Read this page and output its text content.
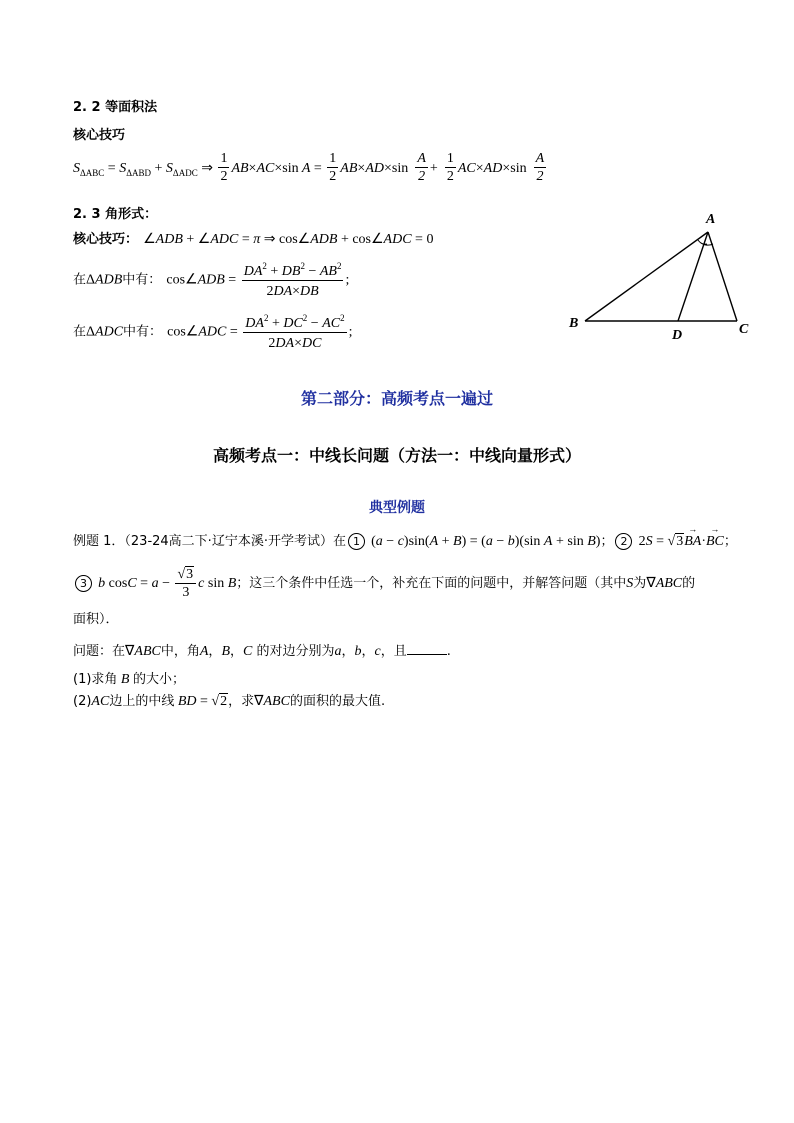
2. 2 等面积法
核心技巧
$S_{\Delta ABC} = S_{\Delta ABD} + S_{\Delta ADC}$ ⇒ $\frac{1}{2} AB\times AC\times\sin$ $A = \frac{1}{2} AB\times AD\times\sin \frac{A}{2} + \frac{1}{2} AC\times AD\times\sin \frac{A}{2}$
2. 3 角形式：
核心技巧： ∠ADB + ∠ADC = π ⇒ cos∠ADB + cos∠ADC = 0
在ΔADB中有： cos∠ADB = $\frac{DA^2 + DB^2 - AB^2}{2DA\times DB}$ ;
在ΔADC中有： cos∠ADC = $\frac{DA^2 + DC^2 - AC^2}{2DA\times DC}$ ;
A
B	C
D
第二部分：高频考点一遍过
高频考点一：中线长问题（方法一：中线向量形式）
典型例题
例题 1．（23-24高二下·辽宁本溪·开学考试）在 1 (a − c)sin(A + B) = (a − b)(sin A + sin B)； 2 2S = √3→ BA·→ BC；
3 b $\cos C = a - \frac{√3}{3}$ c sin B；这三个条件中任选一个，补充在下面的问题中，并解答问题（其中S为∇ABC的
面积）．
问题：在∇ABC中，角A，B，C 的对边分别为a，b，c，且	.
(1)求角 B 的大小；
(2)AC边上的中线 BD = √2，求∇ABC的面积的最大值.
